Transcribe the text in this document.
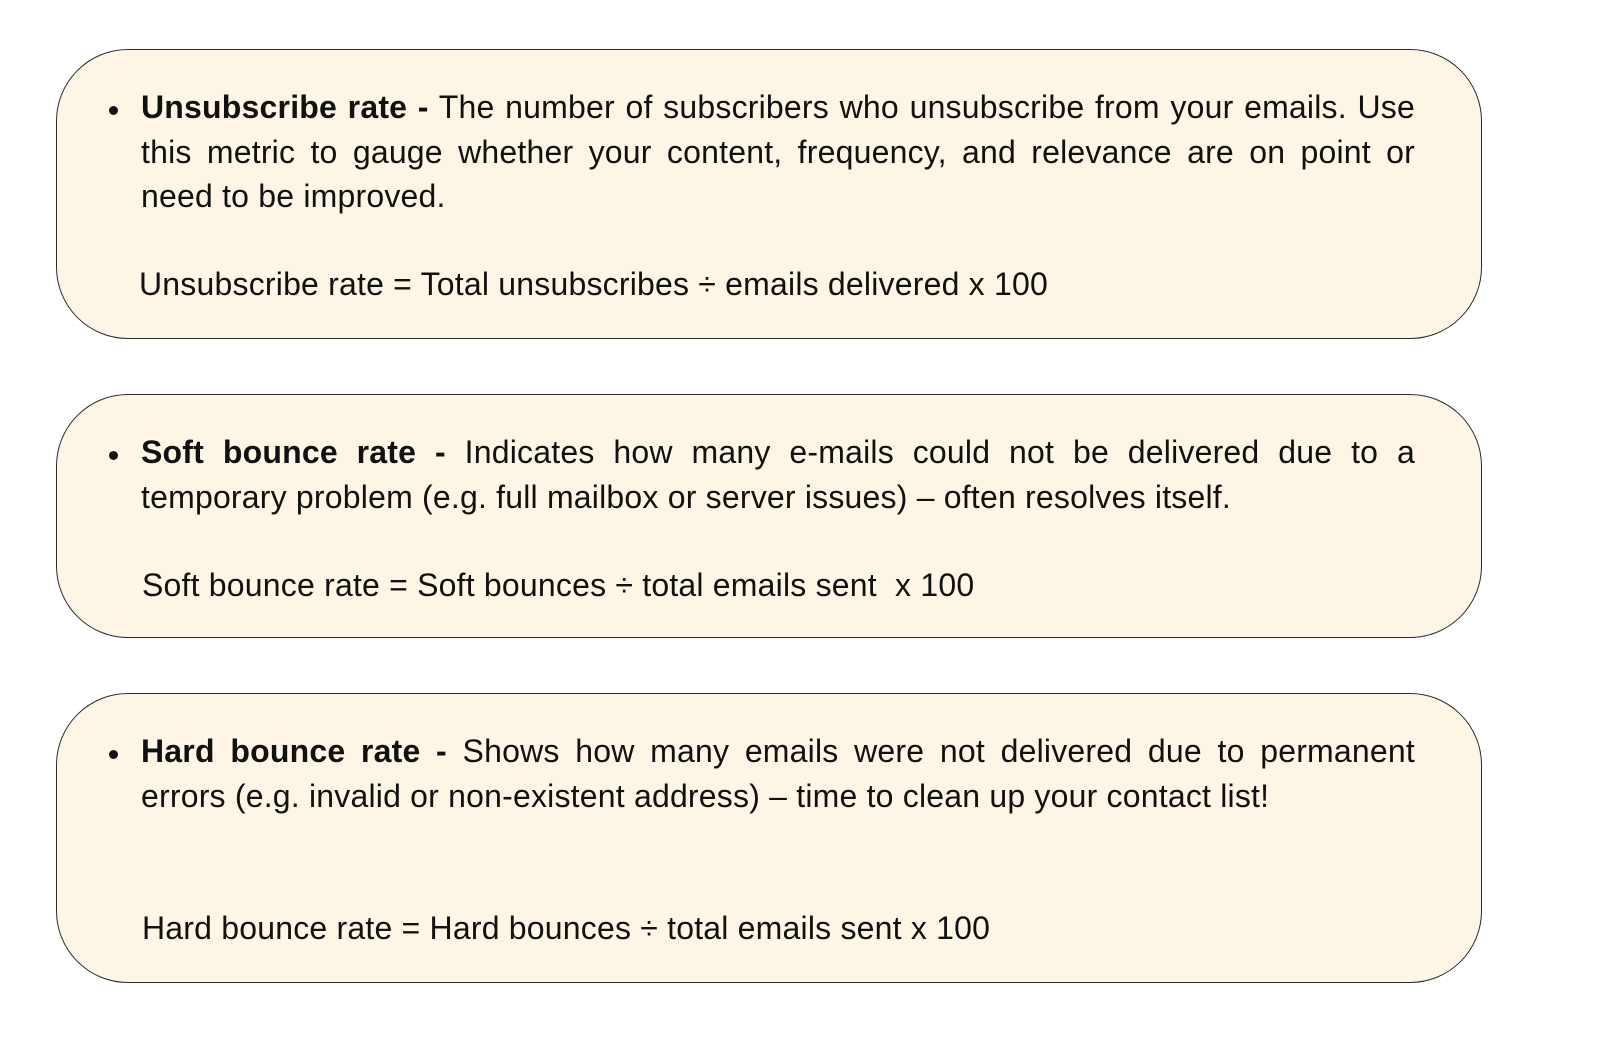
Unsubscribe rate - The number of subscribers who unsubscribe from your emails. Use this metric to gauge whether your content, frequency, and relevance are on point or need to be improved.
Unsubscribe rate = Total unsubscribes ÷ emails delivered x 100
Soft bounce rate - Indicates how many e-mails could not be delivered due to a temporary problem (e.g. full mailbox or server issues) – often resolves itself.
Soft bounce rate = Soft bounces ÷ total emails sent  x 100
Hard bounce rate - Shows how many emails were not delivered due to permanent errors (e.g. invalid or non-existent address) – time to clean up your contact list!
Hard bounce rate = Hard bounces ÷ total emails sent x 100
